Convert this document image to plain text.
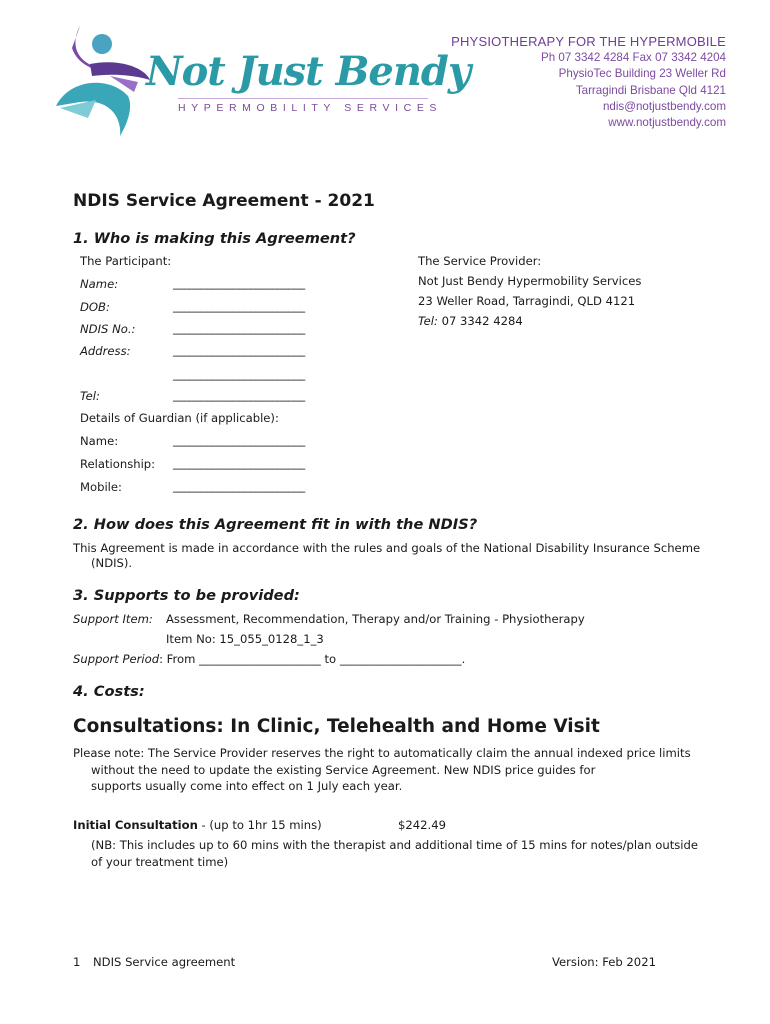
Not Just Bendy
HYPERMOBILITY SERVICES
PHYSIOTHERAPY FOR THE HYPERMOBILE
Ph 07 3342 4284 Fax 07 3342 4204
PhysioTec Building 23 Weller Rd
Tarragindi Brisbane Qld 4121
ndis@notjustbendy.com
www.notjustbendy.com
NDIS Service Agreement - 2021
1. Who is making this Agreement?
The Participant:
Name:	________________________
DOB:	________________________
NDIS No.:	________________________
Address:	________________________
________________________
Tel:	________________________
Details of Guardian (if applicable):
Name:	________________________
Relationship: ________________________
Mobile:	________________________
The Service Provider:
Not Just Bendy Hypermobility Services
23 Weller Road, Tarragindi, QLD 4121
Tel: 07 3342 4284
2. How does this Agreement fit in with the NDIS?
This Agreement is made in accordance with the rules and goals of the National Disability Insurance Scheme
(NDIS).
3. Supports to be provided:
Support Item: Assessment, Recommendation, Therapy and/or Training - Physiotherapy
Item No: 15_055_0128_1_3
Support Period: From _____________________ to _____________________.
4. Costs:
Consultations: In Clinic, Telehealth and Home Visit
Please note: The Service Provider reserves the right to automatically claim the annual indexed price limits
without the need to update the existing Service Agreement. New NDIS price guides for
supports usually come into effect on 1 July each year.
Initial Consultation - (up to 1hr 15 mins)	$242.49
(NB: This includes up to 60 mins with the therapist and additional time of 15 mins for notes/plan outside
of your treatment time)
1 NDIS Service agreement	Version: Feb 2021
